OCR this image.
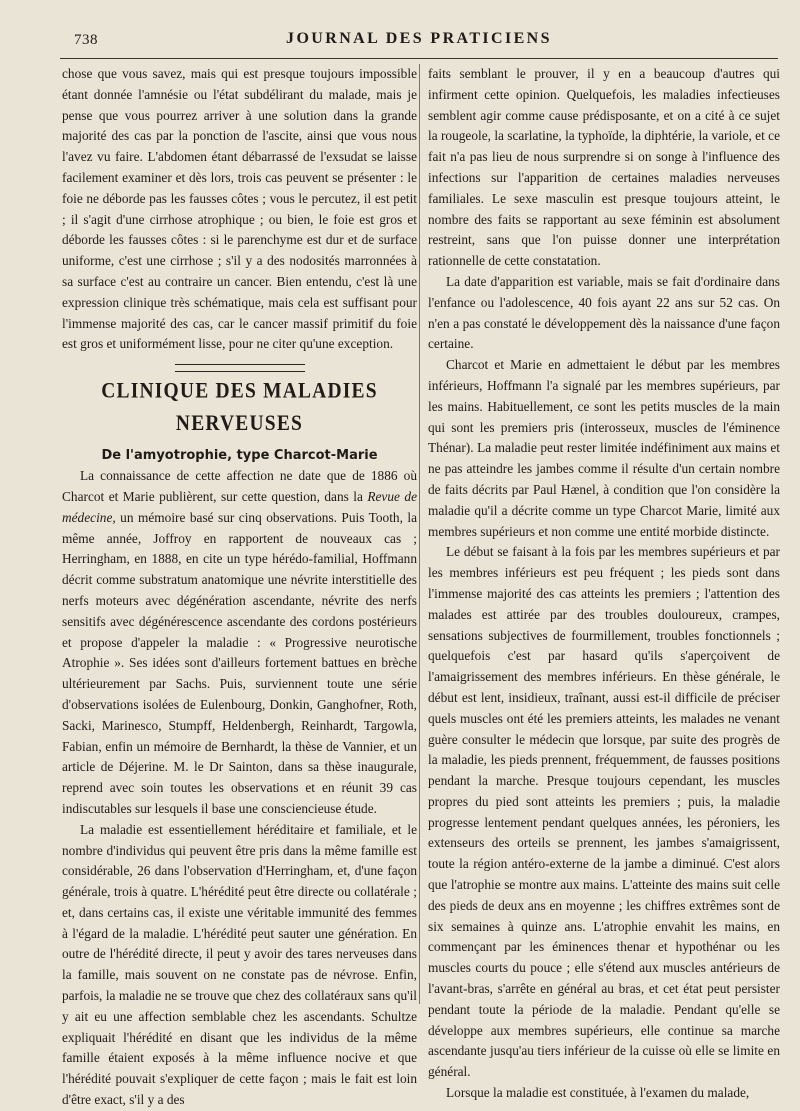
738	JOURNAL DES PRATICIENS

chose que vous savez, mais qui est presque toujours impossible étant donnée l'amnésie ou l'état subdélirant du malade, mais je pense que vous pourrez arriver à une solution dans la grande majorité des cas par la ponction de l'ascite, ainsi que vous nous l'avez vu faire. L'abdomen étant débarrassé de l'exsudat se laisse facilement examiner et dès lors, trois cas peuvent se présenter : le foie ne déborde pas les fausses côtes ; vous le percutez, il est petit ; il s'agit d'une cirrhose atrophique ; ou bien, le foie est gros et déborde les fausses côtes : si le parenchyme est dur et de surface uniforme, c'est une cirrhose ; s'il y a des nodosités marronnées à sa surface c'est au contraire un cancer. Bien entendu, c'est là une expression clinique très schématique, mais cela est suffisant pour l'immense majorité des cas, car le cancer massif primitif du foie est gros et uniformément lisse, pour ne citer qu'une exception.

CLINIQUE DES MALADIES NERVEUSES
De l'amyotrophie, type Charcot-Marie

La connaissance de cette affection ne date que de 1886 où Charcot et Marie publièrent, sur cette question, dans la Revue de médecine, un mémoire basé sur cinq observations. Puis Tooth, la même année, Joffroy en rapportent de nouveaux cas ; Herringham, en 1888, en cite un type hérédo-familial, Hoffmann décrit comme substratum anatomique une névrite interstitielle des nerfs moteurs avec dégénération ascendante, névrite des nerfs sensitifs avec dégénérescence ascendante des cordons postérieurs et propose d'appeler la maladie : « Progressive neurotische Atrophie ». Ses idées sont d'ailleurs fortement battues en brèche ultérieurement par Sachs. Puis, surviennent toute une série d'observations isolées de Eulenbourg, Donkin, Ganghofner, Roth, Sacki, Marinesco, Stumpff, Heldenbergh, Reinhardt, Targowla, Fabian, enfin un mémoire de Bernhardt, la thèse de Vannier, et un article de Déjerine. M. le Dr Sainton, dans sa thèse inaugurale, reprend avec soin toutes les observations et en réunit 39 cas indiscutables sur lesquels il base une consciencieuse étude.

La maladie est essentiellement héréditaire et familiale, et le nombre d'individus qui peuvent être pris dans la même famille est considérable, 26 dans l'observation d'Herringham, et, d'une façon générale, trois à quatre. L'hérédité peut être directe ou collatérale ; et, dans certains cas, il existe une véritable immunité des femmes à l'égard de la maladie. L'hérédité peut sauter une génération. En outre de l'hérédité directe, il peut y avoir des tares nerveuses dans la famille, mais souvent on ne constate pas de névrose. Enfin, parfois, la maladie ne se trouve que chez des collatéraux sans qu'il y ait eu une affection semblable chez les ascendants. Schultze expliquait l'hérédité en disant que les individus de la même famille étaient exposés à la même influence nocive et que l'hérédité pouvait s'expliquer de cette façon ; mais le fait est loin d'être exact, s'il y a des

faits semblant le prouver, il y en a beaucoup d'autres qui infirment cette opinion. Quelquefois, les maladies infectieuses semblent agir comme cause prédisposante, et on a cité à ce sujet la rougeole, la scarlatine, la typhoïde, la diphtérie, la variole, et ce fait n'a pas lieu de nous surprendre si on songe à l'influence des infections sur l'apparition de certaines maladies nerveuses familiales. Le sexe masculin est presque toujours atteint, le nombre des faits se rapportant au sexe féminin est absolument restreint, sans que l'on puisse donner une interprétation rationnelle de cette constatation.

La date d'apparition est variable, mais se fait d'ordinaire dans l'enfance ou l'adolescence, 40 fois ayant 22 ans sur 52 cas. On n'en a pas constaté le développement dès la naissance d'une façon certaine.

Charcot et Marie en admettaient le début par les membres inférieurs, Hoffmann l'a signalé par les membres supérieurs, par les mains. Habituellement, ce sont les petits muscles de la main qui sont les premiers pris (interosseux, muscles de l'éminence Thénar). La maladie peut rester limitée indéfiniment aux mains et ne pas atteindre les jambes comme il résulte d'un certain nombre de faits décrits par Paul Hænel, à condition que l'on considère la maladie qu'il a décrite comme un type Charcot Marie, limité aux membres supérieurs et non comme une entité morbide distincte.

Le début se faisant à la fois par les membres supérieurs et par les membres inférieurs est peu fréquent ; les pieds sont dans l'immense majorité des cas atteints les premiers ; l'attention des malades est attirée par des troubles douloureux, crampes, sensations subjectives de fourmillement, troubles fonctionnels ; quelquefois c'est par hasard qu'ils s'aperçoivent de l'amaigrissement des membres inférieurs. En thèse générale, le début est lent, insidieux, traînant, aussi est-il difficile de préciser quels muscles ont été les premiers atteints, les malades ne venant guère consulter le médecin que lorsque, par suite des progrès de la maladie, les pieds prennent, fréquemment, de fausses positions pendant la marche. Presque toujours cependant, les muscles propres du pied sont atteints les premiers ; puis, la maladie progresse lentement pendant quelques années, les péroniers, les extenseurs des orteils se prennent, les jambes s'amaigrissent, toute la région antéro-externe de la jambe a diminué. C'est alors que l'atrophie se montre aux mains. L'atteinte des mains suit celle des pieds de deux ans en moyenne ; les chiffres extrêmes sont de six semaines à quinze ans. L'atrophie envahit les mains, en commençant par les éminences thenar et hypothénar ou les muscles courts du pouce ; elle s'étend aux muscles antérieurs de l'avant-bras, s'arrête en général au bras, et cet état peut persister pendant toute la période de la maladie. Pendant qu'elle se développe aux membres supérieurs, elle continue sa marche ascendante jusqu'au tiers inférieur de la cuisse où elle se limite en général.

Lorsque la maladie est constituée, à l'examen du malade,
